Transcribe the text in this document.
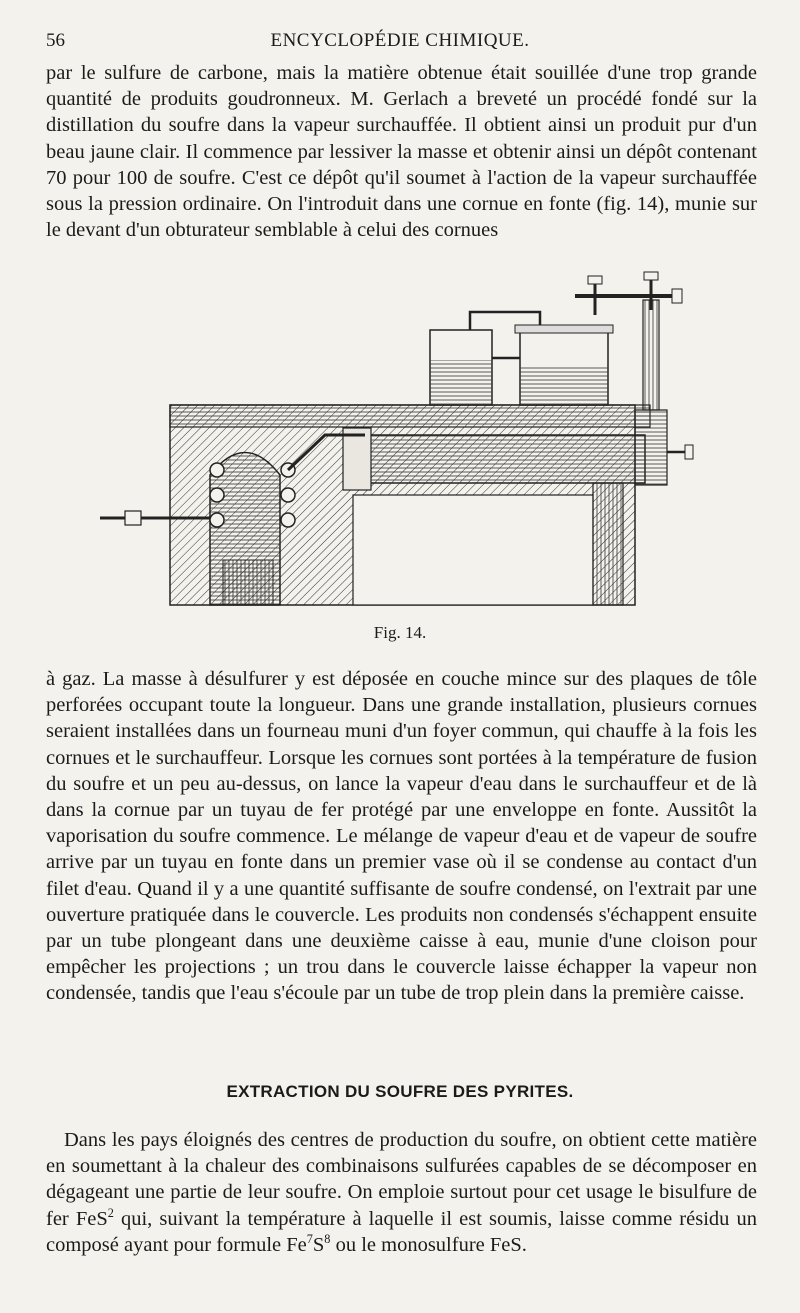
56	ENCYCLOPÉDIE CHIMIQUE.

par le sulfure de carbone, mais la matière obtenue était souillée d'une trop grande quantité de produits goudronneux. M. Gerlach a breveté un procédé fondé sur la distillation du soufre dans la vapeur surchauffée. Il obtient ainsi un produit pur d'un beau jaune clair. Il commence par lessiver la masse et obtenir ainsi un dépôt contenant 70 pour 100 de soufre. C'est ce dépôt qu'il soumet à l'action de la vapeur surchauffée sous la pression ordinaire. On l'introduit dans une cornue en fonte (fig. 14), munie sur le devant d'un obturateur semblable à celui des cornues

Fig. 14.

à gaz. La masse à désulfurer y est déposée en couche mince sur des plaques de tôle perforées occupant toute la longueur. Dans une grande installation, plusieurs cornues seraient installées dans un fourneau muni d'un foyer commun, qui chauffe à la fois les cornues et le surchauffeur. Lorsque les cornues sont portées à la température de fusion du soufre et un peu au-dessus, on lance la vapeur d'eau dans le surchauffeur et de là dans la cornue par un tuyau de fer protégé par une enveloppe en fonte. Aussitôt la vaporisation du soufre commence. Le mélange de vapeur d'eau et de vapeur de soufre arrive par un tuyau en fonte dans un premier vase où il se condense au contact d'un filet d'eau. Quand il y a une quantité suffisante de soufre condensé, on l'extrait par une ouverture pratiquée dans le couvercle. Les produits non condensés s'échappent ensuite par un tube plongeant dans une deuxième caisse à eau, munie d'une cloison pour empêcher les projections ; un trou dans le couvercle laisse échapper la vapeur non condensée, tandis que l'eau s'écoule par un tube de trop plein dans la première caisse.

EXTRACTION DU SOUFRE DES PYRITES.

Dans les pays éloignés des centres de production du soufre, on obtient cette matière en soumettant à la chaleur des combinaisons sulfurées capables de se décomposer en dégageant une partie de leur soufre. On emploie surtout pour cet usage le bisulfure de fer FeS$^2$ qui, suivant la température à laquelle il est soumis, laisse comme résidu un composé ayant pour formule $Fe^7S^8$ ou le monosulfure FeS.
